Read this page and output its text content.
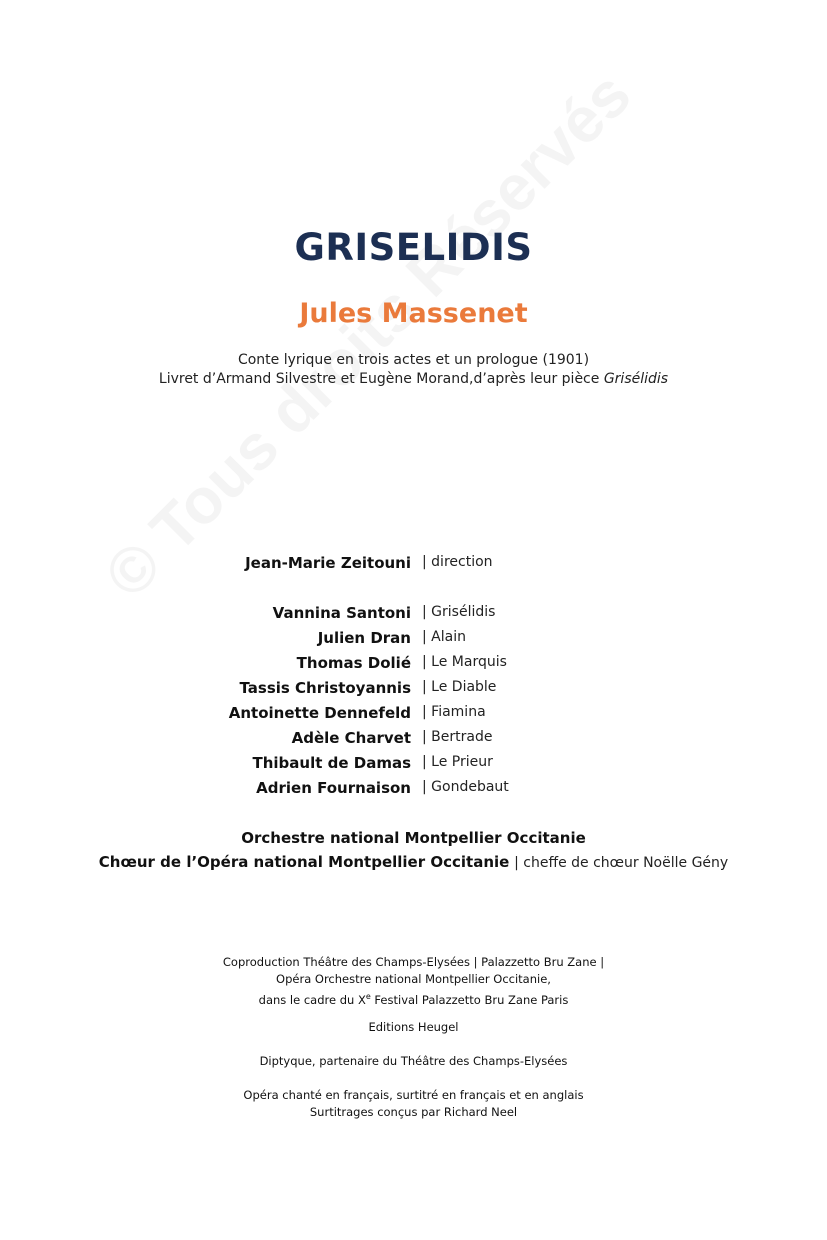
GRISELIDIS
Jules Massenet
Conte lyrique en trois actes et un prologue (1901)
Livret d’Armand Silvestre et Eugène Morand,d’après leur pièce Grisélidis
Jean-Marie Zeitouni | direction
Vannina Santoni | Grisélidis
Julien Dran | Alain
Thomas Dolié | Le Marquis
Tassis Christoyannis | Le Diable
Antoinette Dennefeld | Fiamina
Adèle Charvet | Bertrade
Thibault de Damas | Le Prieur
Adrien Fournaison | Gondebaut
Orchestre national Montpellier Occitanie
Chœur de l’Opéra national Montpellier Occitanie | cheffe de chœur Noëlle Gény
Coproduction Théâtre des Champs-Elysées | Palazzetto Bru Zane |
Opéra Orchestre national Montpellier Occitanie,
dans le cadre du Xe Festival Palazzetto Bru Zane Paris
Editions Heugel
Diptyque, partenaire du Théâtre des Champs-Elysées
Opéra chanté en français, surtitré en français et en anglais
Surtitrages conçus par Richard Neel
